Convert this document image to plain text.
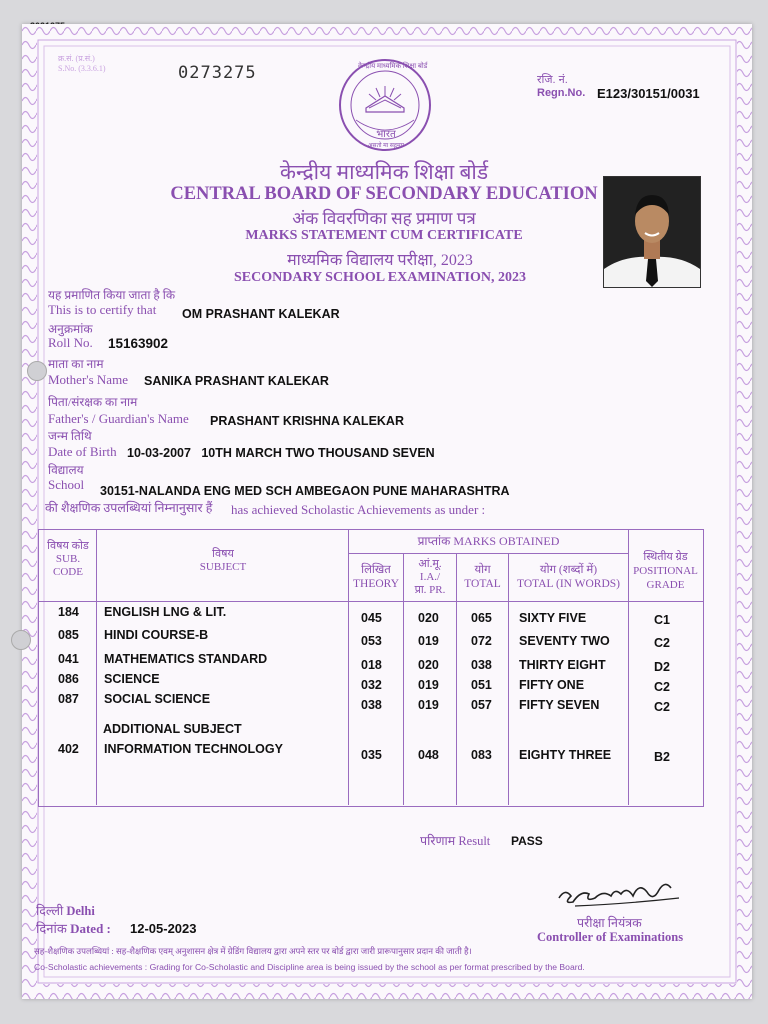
क्र.सं. (प्र.सं.)
S.No. (3.3.6.1)	0273275	रजि. नं.
Regn.No. E123/30151/0031
केन्द्रीय माध्यमिक शिक्षा बोर्ड
भारत
असतो मा सद्गमय
केन्द्रीय माध्यमिक शिक्षा बोर्ड
CENTRAL BOARD OF SECONDARY EDUCATION
अंक विवरणिका सह प्रमाण पत्र
MARKS STATEMENT CUM CERTIFICATE
माध्यमिक विद्यालय परीक्षा, 2023
SECONDARY SCHOOL EXAMINATION, 2023
यह प्रमाणित किया जाता है कि
This is to certify that OM PRASHANT KALEKAR
अनुक्रमांक
Roll No. 15163902
माता का नाम
Mother's Name SANIKA PRASHANT KALEKAR
पिता/संरक्षक का नाम
Father's / Guardian's Name PRASHANT KRISHNA KALEKAR
जन्म तिथि
Date of Birth 10-03-2007   10TH MARCH TWO THOUSAND SEVEN
विद्यालय
School 30151-NALANDA ENG MED SCH AMBEGAON PUNE MAHARASHTRA
की शैक्षणिक उपलब्धियां निम्नानुसार हैं has achieved Scholastic Achievements as under :
विषय कोड
SUB. CODE
विषय
SUBJECT
प्राप्तांक MARKS OBTAINED
लिखित
THEORY
आं.मू.
I.A./
प्रा. PR.
योग
TOTAL
योग (शब्दों में)
TOTAL (IN WORDS)
स्थितीय ग्रेड
POSITIONAL
GRADE
184 ENGLISH LNG & LIT.	045	020	065 SIXTY FIVE	C1
085 HINDI COURSE-B	053	019	072 SEVENTY TWO	C2
041 MATHEMATICS STANDARD	018	020	038 THIRTY EIGHT	D2
086 SCIENCE	032	019	051 FIFTY ONE	C2
087 SOCIAL SCIENCE	038	019	057 FIFTY SEVEN	C2
402 INFORMATION TECHNOLOGY	035	048	083 EIGHTY THREE	B2
ADDITIONAL SUBJECT
परिणाम Result PASS
परीक्षा नियंत्रक
Controller of Examinations
दिल्ली Delhi
दिनांक Dated : 12-05-2023
सह-शैक्षणिक उपलब्धियां : सह-शैक्षणिक एवम् अनुशासन क्षेत्र में ग्रेडिंग विद्यालय द्वारा अपने स्तर पर बोर्ड द्वारा जारी प्रारूपानुसार प्रदान की जाती है।
Co-Scholastic achievements : Grading for Co-Scholastic and Discipline area is being issued by the school as per format prescribed by the Board.
